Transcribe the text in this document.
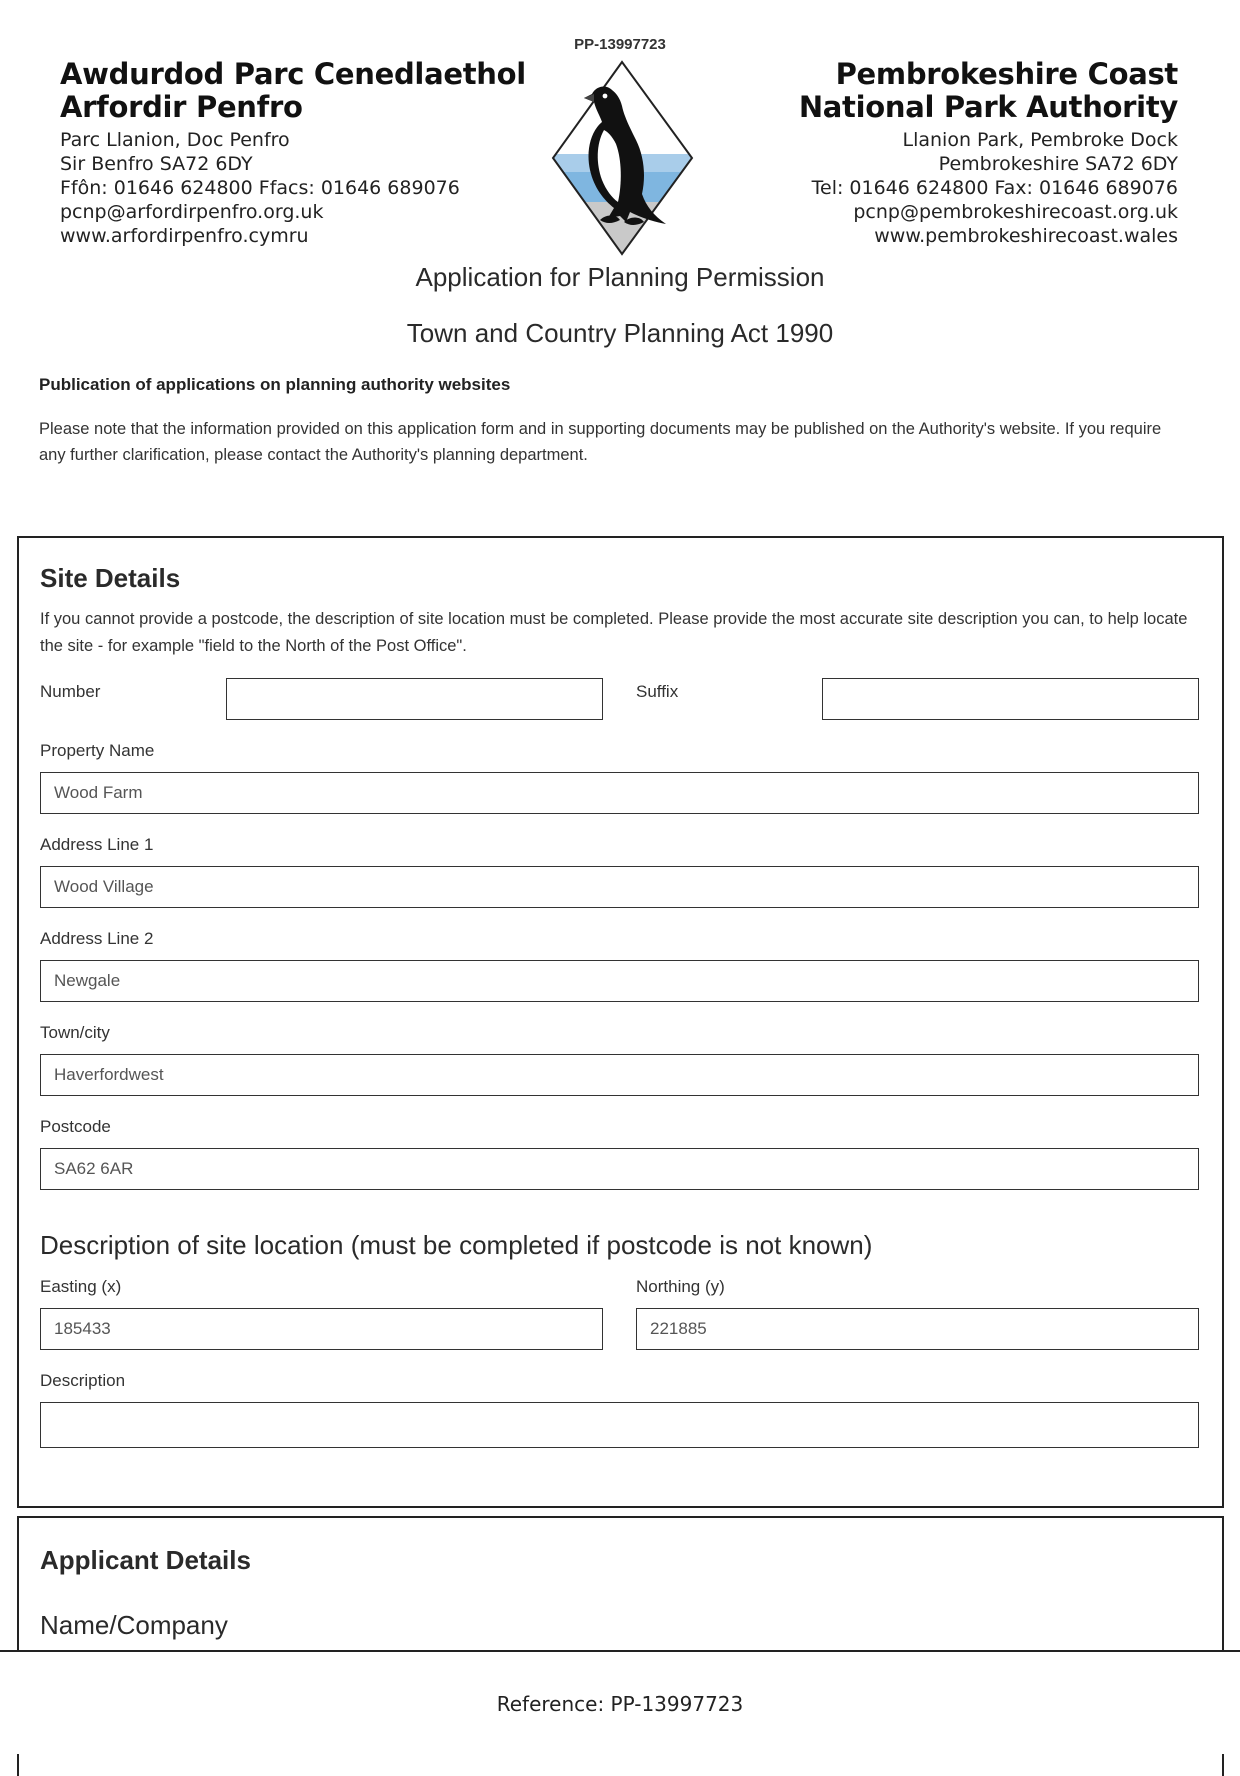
PP-13997723
Awdurdod Parc Cenedlaethol
Arfordir Penfro
Parc Llanion, Doc Penfro
Sir Benfro SA72 6DY
Ffôn: 01646 624800 Ffacs: 01646 689076
pcnp@arfordirpenfro.org.uk
www.arfordirpenfro.cymru
Pembrokeshire Coast
National Park Authority
Llanion Park, Pembroke Dock
Pembrokeshire SA72 6DY
Tel: 01646 624800 Fax: 01646 689076
pcnp@pembrokeshirecoast.org.uk
www.pembrokeshirecoast.wales
Application for Planning Permission
Town and Country Planning Act 1990
Publication of applications on planning authority websites
Please note that the information provided on this application form and in supporting documents may be published on the Authority's website. If you require any further clarification, please contact the Authority's planning department.
Site Details
If you cannot provide a postcode, the description of site location must be completed. Please provide the most accurate site description you can, to help locate the site - for example "field to the North of the Post Office".
Number	Suffix
Property Name
Wood Farm
Address Line 1
Wood Village
Address Line 2
Newgale
Town/city
Haverfordwest
Postcode
SA62 6AR
Description of site location (must be completed if postcode is not known)
Easting (x)
185433
Northing (y)
221885
Description
Applicant Details
Name/Company
Reference: PP-13997723
